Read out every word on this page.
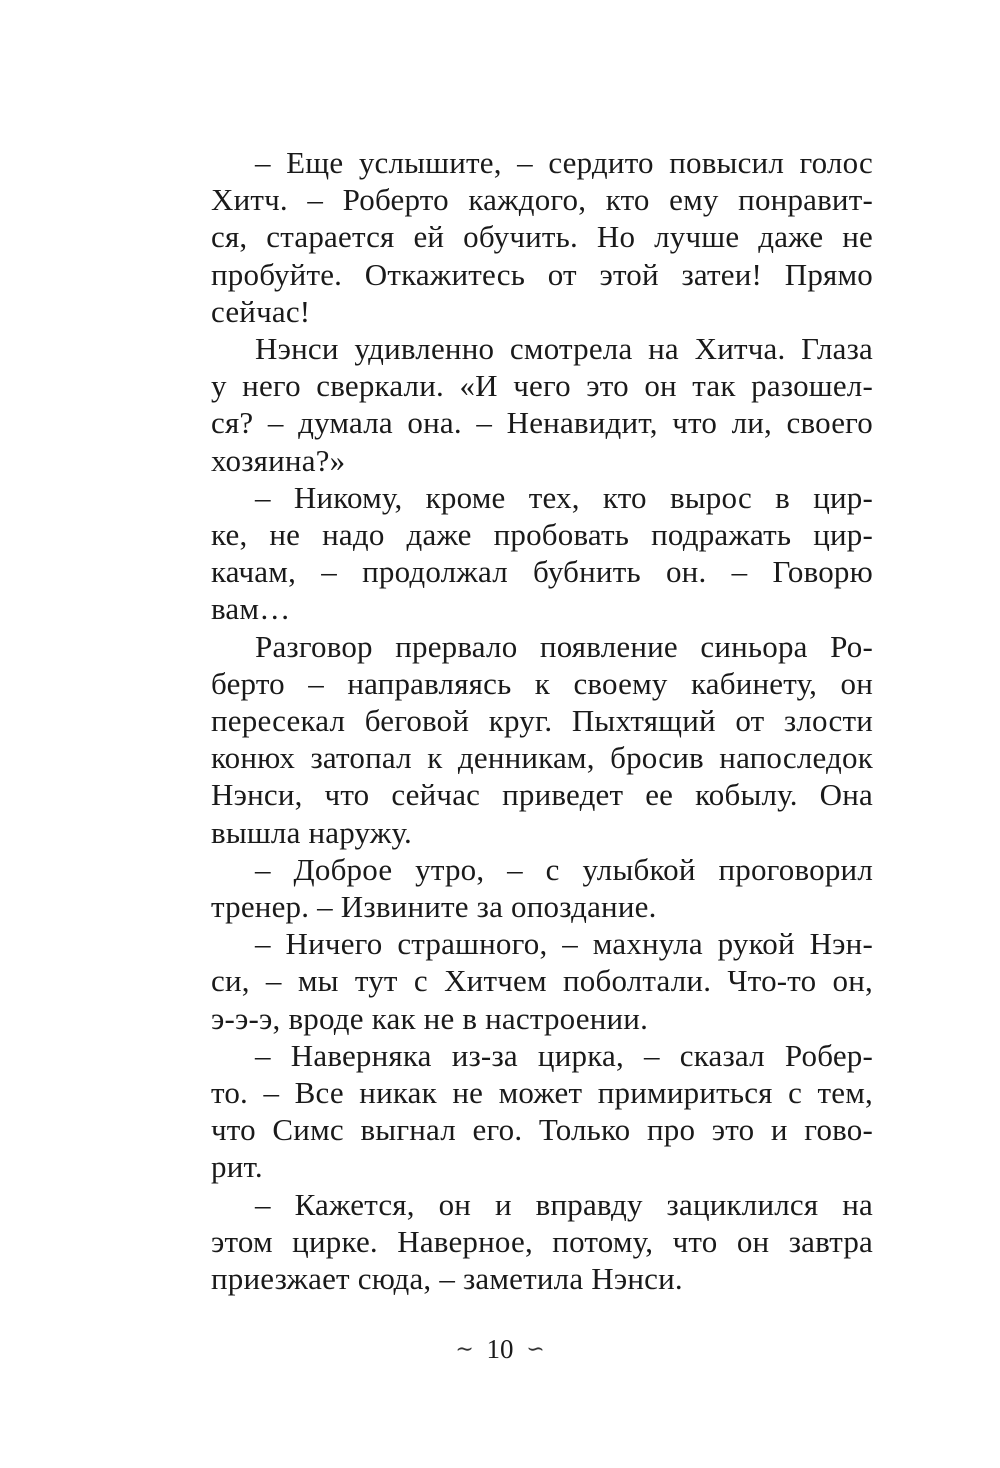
– Еще услышите, – сердито повысил голос
Хитч. – Роберто каждого, кто ему понравит-
ся, старается ей обучить. Но лучше даже не
пробуйте. Откажитесь от этой затеи! Прямо
сейчас!
Нэнси удивленно смотрела на Хитча. Глаза
у него сверкали. «И чего это он так разошел-
ся? – думала она. – Ненавидит, что ли, своего
хозяина?»
– Никому, кроме тех, кто вырос в цир-
ке, не надо даже пробовать подражать цир-
качам, – продолжал бубнить он. – Говорю
вам…
Разговор прервало появление синьора Ро-
берто – направляясь к своему кабинету, он
пересекал беговой круг. Пыхтящий от злости
конюх затопал к денникам, бросив напоследок
Нэнси, что сейчас приведет ее кобылу. Она
вышла наружу.
– Доброе утро, – с улыбкой проговорил
тренер. – Извините за опоздание.
– Ничего страшного, – махнула рукой Нэн-
си, – мы тут с Хитчем поболтали. Что-то он,
э-э-э, вроде как не в настроении.
– Наверняка из-за цирка, – сказал Робер-
то. – Все никак не может примириться с тем,
что Симс выгнал его. Только про это и гово-
рит.
– Кажется, он и вправду зациклился на
этом цирке. Наверное, потому, что он завтра
приезжает сюда, – заметила Нэнси.
∼ 10 ∽
